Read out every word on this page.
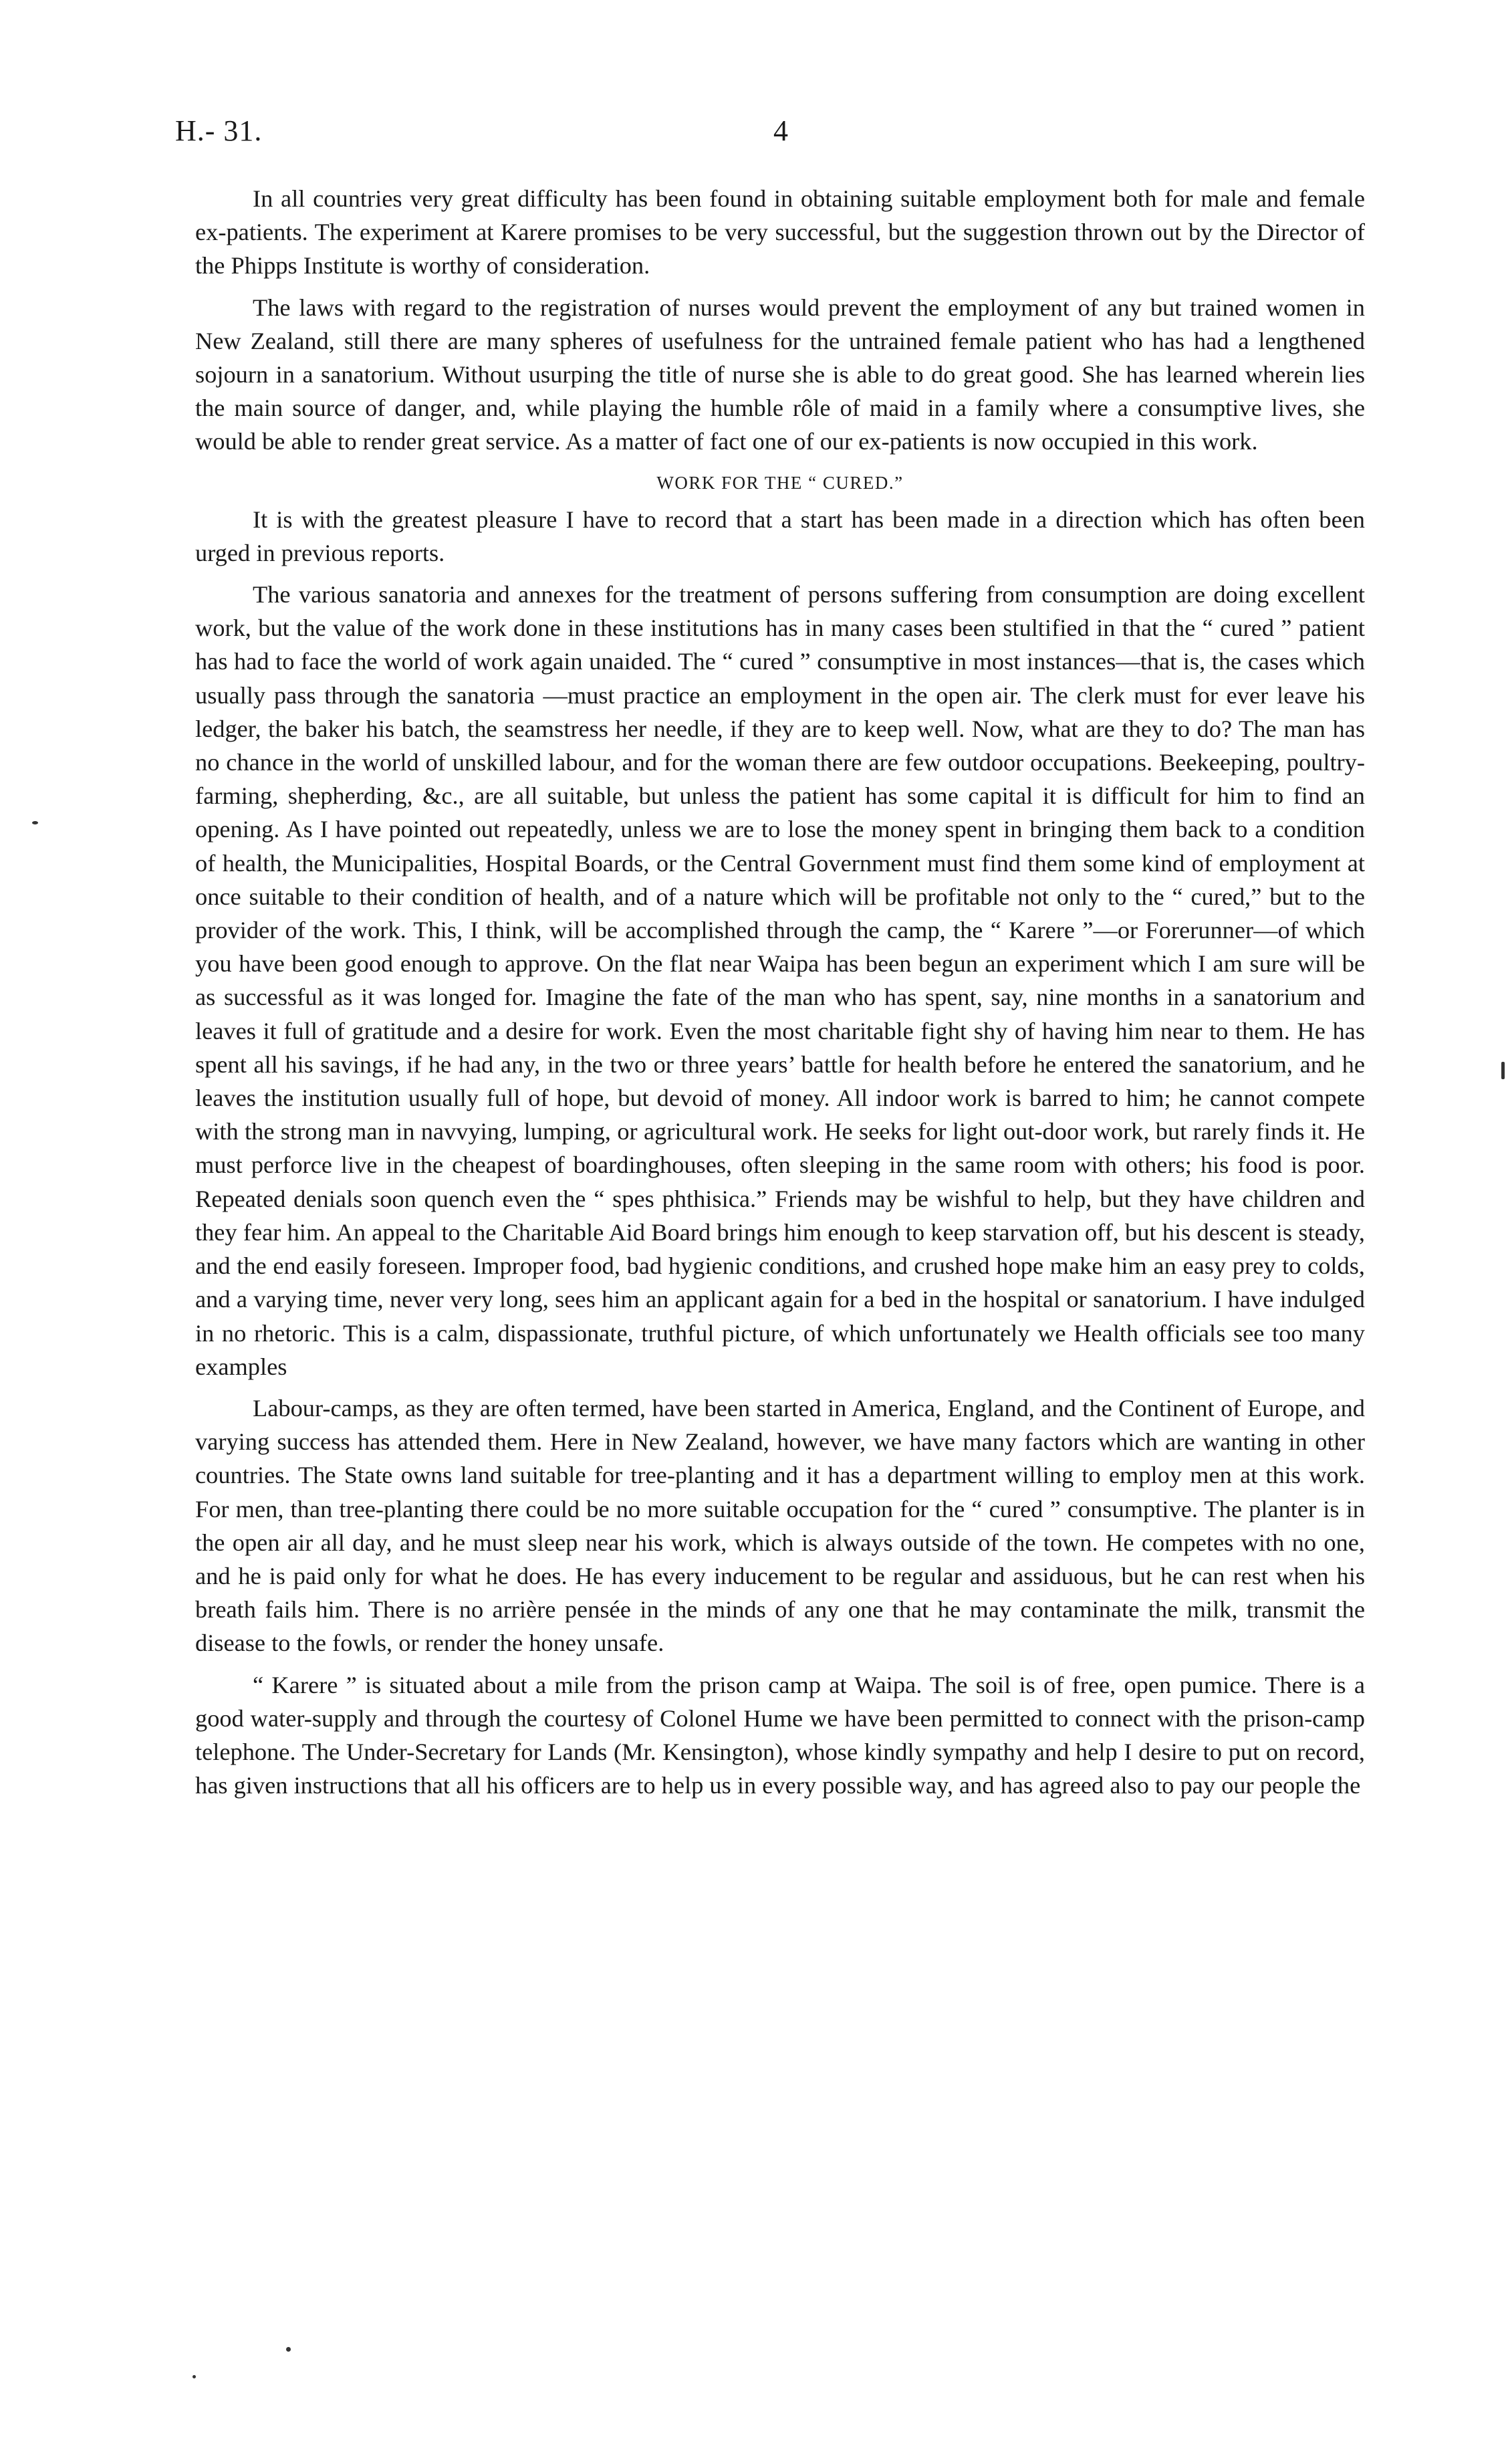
H.- 31.	4

In all countries very great difficulty has been found in obtaining suitable employment both for male and female ex-patients. The experiment at Karere promises to be very successful, but the suggestion thrown out by the Director of the Phipps Institute is worthy of consideration.

The laws with regard to the registration of nurses would prevent the employment of any but trained women in New Zealand, still there are many spheres of usefulness for the untrained female patient who has had a lengthened sojourn in a sanatorium. Without usurping the title of nurse she is able to do great good. She has learned wherein lies the main source of danger, and, while playing the humble rôle of maid in a family where a consumptive lives, she would be able to render great service. As a matter of fact one of our ex-patients is now occupied in this work.

WORK FOR THE “ CURED.”

It is with the greatest pleasure I have to record that a start has been made in a direction which has often been urged in previous reports.

The various sanatoria and annexes for the treatment of persons suffering from consumption are doing excellent work, but the value of the work done in these institutions has in many cases been stultified in that the “ cured ” patient has had to face the world of work again unaided. The “ cured ” consumptive in most instances—that is, the cases which usually pass through the sanatoria —must practice an employment in the open air. The clerk must for ever leave his ledger, the baker his batch, the seamstress her needle, if they are to keep well. Now, what are they to do? The man has no chance in the world of unskilled labour, and for the woman there are few outdoor occupations. Beekeeping, poultry-farming, shepherding, &c., are all suitable, but unless the patient has some capital it is difficult for him to find an opening. As I have pointed out repeatedly, unless we are to lose the money spent in bringing them back to a condition of health, the Municipalities, Hospital Boards, or the Central Government must find them some kind of employment at once suitable to their condition of health, and of a nature which will be profitable not only to the “ cured,” but to the provider of the work. This, I think, will be accomplished through the camp, the “ Karere ”—or Forerunner—of which you have been good enough to approve. On the flat near Waipa has been begun an experiment which I am sure will be as successful as it was longed for. Imagine the fate of the man who has spent, say, nine months in a sanatorium and leaves it full of gratitude and a desire for work. Even the most charitable fight shy of having him near to them. He has spent all his savings, if he had any, in the two or three years’ battle for health before he entered the sanatorium, and he leaves the institution usually full of hope, but devoid of money. All indoor work is barred to him; he cannot compete with the strong man in navvying, lumping, or agricultural work. He seeks for light out-door work, but rarely finds it. He must perforce live in the cheapest of boardinghouses, often sleeping in the same room with others; his food is poor. Repeated denials soon quench even the “ spes phthisica.” Friends may be wishful to help, but they have children and they fear him. An appeal to the Charitable Aid Board brings him enough to keep starvation off, but his descent is steady, and the end easily foreseen. Improper food, bad hygienic conditions, and crushed hope make him an easy prey to colds, and a varying time, never very long, sees him an applicant again for a bed in the hospital or sanatorium. I have indulged in no rhetoric. This is a calm, dispassionate, truthful picture, of which unfortunately we Health officials see too many examples

Labour-camps, as they are often termed, have been started in America, England, and the Continent of Europe, and varying success has attended them. Here in New Zealand, however, we have many factors which are wanting in other countries. The State owns land suitable for tree-planting and it has a department willing to employ men at this work. For men, than tree-planting there could be no more suitable occupation for the “ cured ” consumptive. The planter is in the open air all day, and he must sleep near his work, which is always outside of the town. He competes with no one, and he is paid only for what he does. He has every inducement to be regular and assiduous, but he can rest when his breath fails him. There is no arrière pensée in the minds of any one that he may contaminate the milk, transmit the disease to the fowls, or render the honey unsafe.

“ Karere ” is situated about a mile from the prison camp at Waipa. The soil is of free, open pumice. There is a good water-supply and through the courtesy of Colonel Hume we have been permitted to connect with the prison-camp telephone. The Under-Secretary for Lands (Mr. Kensington), whose kindly sympathy and help I desire to put on record, has given instructions that all his officers are to help us in every possible way, and has agreed also to pay our people the
